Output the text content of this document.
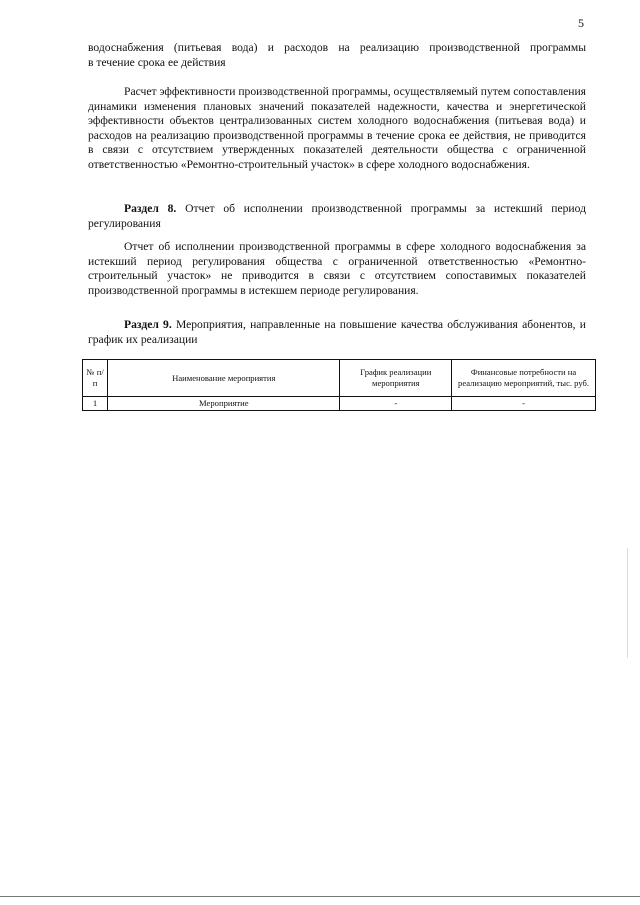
5

водоснабжения (питьевая вода) и расходов на реализацию производственной программы

в течение срока ее действия

Расчет эффективности производственной программы, осуществляемый путем сопоставления динамики изменения плановых значений показателей надежности, качества и энергетической эффективности объектов централизованных систем холодного водоснабжения (питьевая вода) и расходов на реализацию производственной программы в течение срока ее действия, не приводится в связи с отсутствием утвержденных показателей деятельности общества с ограниченной ответственностью «Ремонтно-строительный участок» в сфере холодного водоснабжения.

Раздел 8. Отчет об исполнении производственной программы за истекший период регулирования

Отчет об исполнении производственной программы в сфере холодного водоснабжения за истекший период регулирования общества с ограниченной ответственностью «Ремонтно-строительный участок» не приводится в связи с отсутствием сопоставимых показателей производственной программы в истекшем периоде регулирования.

Раздел 9. Мероприятия, направленные на повышение качества обслуживания абонентов, и график их реализации

№ п/п	Наименование мероприятия	График реализации мероприятия	Финансовые потребности на реализацию мероприятий, тыс. руб.
1	Мероприятие	-	-
